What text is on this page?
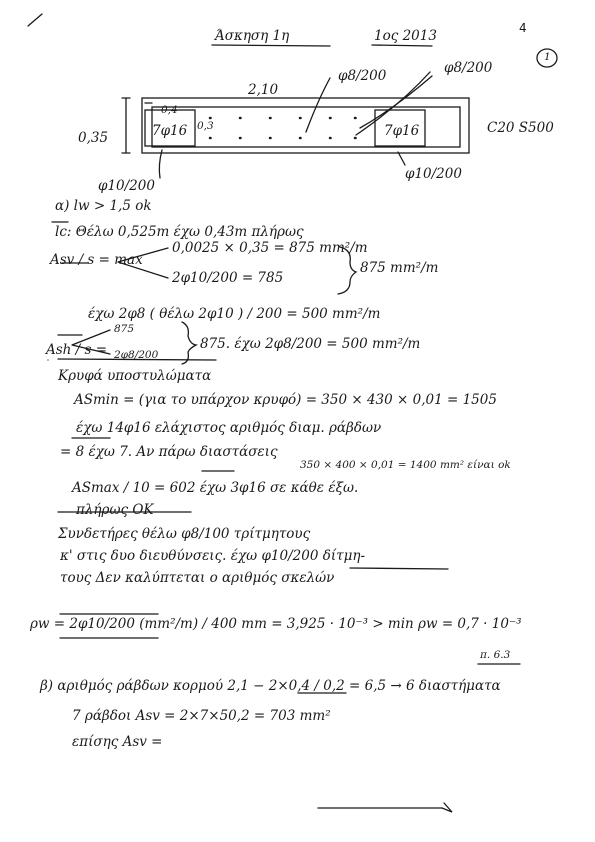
4
Άσκηση 1η	1ος 2013
1
2,10
φ8/200	φ8/200
0,35
0,4
0,3
7φ16	7φ16	C20 S500
φ10/200
φ10/200
α) lw > 1,5 ok
lc: Θέλω 0,525m έχω 0,43m πλήρως
Asv / s = max
0,0025 × 0,35 = 875 mm²/m
2φ10/200 = 785
875 mm²/m
έχω 2φ8 ( θέλω 2φ10 ) / 200 = 500 mm²/m
Ash / s =
875
2φ8/200
875. έχω 2φ8/200 = 500 mm²/m
Κρυφά υποστυλώματα
ASmin = (για το υπάρχον κρυφό) = 350 × 430 × 0,01 = 1505
έχω 14φ16 ελάχιστος αριθμός διαμ. ράβδων
= 8 έχω 7. Αν πάρω διαστάσεις
350 × 400 × 0,01 = 1400 mm² είναι ok
ASmax / 10 = 602 έχω 3φ16 σε κάθε έξω.
πλήρως ΟΚ
Συνδετήρες θέλω φ8/100 τρίτμητους
κ' στις δυο διευθύνσεις. έχω φ10/200 δίτμη-
τους Δεν καλύπτεται ο αριθμός σκελών
ρw = 2φ10/200 (mm²/m) / 400 mm = 3,925 · 10⁻³ > min ρw = 0,7 · 10⁻³
π. 6.3
β) αριθμός ράβδων κορμού 2,1 − 2×0,4 / 0,2 = 6,5 → 6 διαστήματα
7 ράβδοι Asv = 2×7×50,2 = 703 mm²
επίσης Asv =
